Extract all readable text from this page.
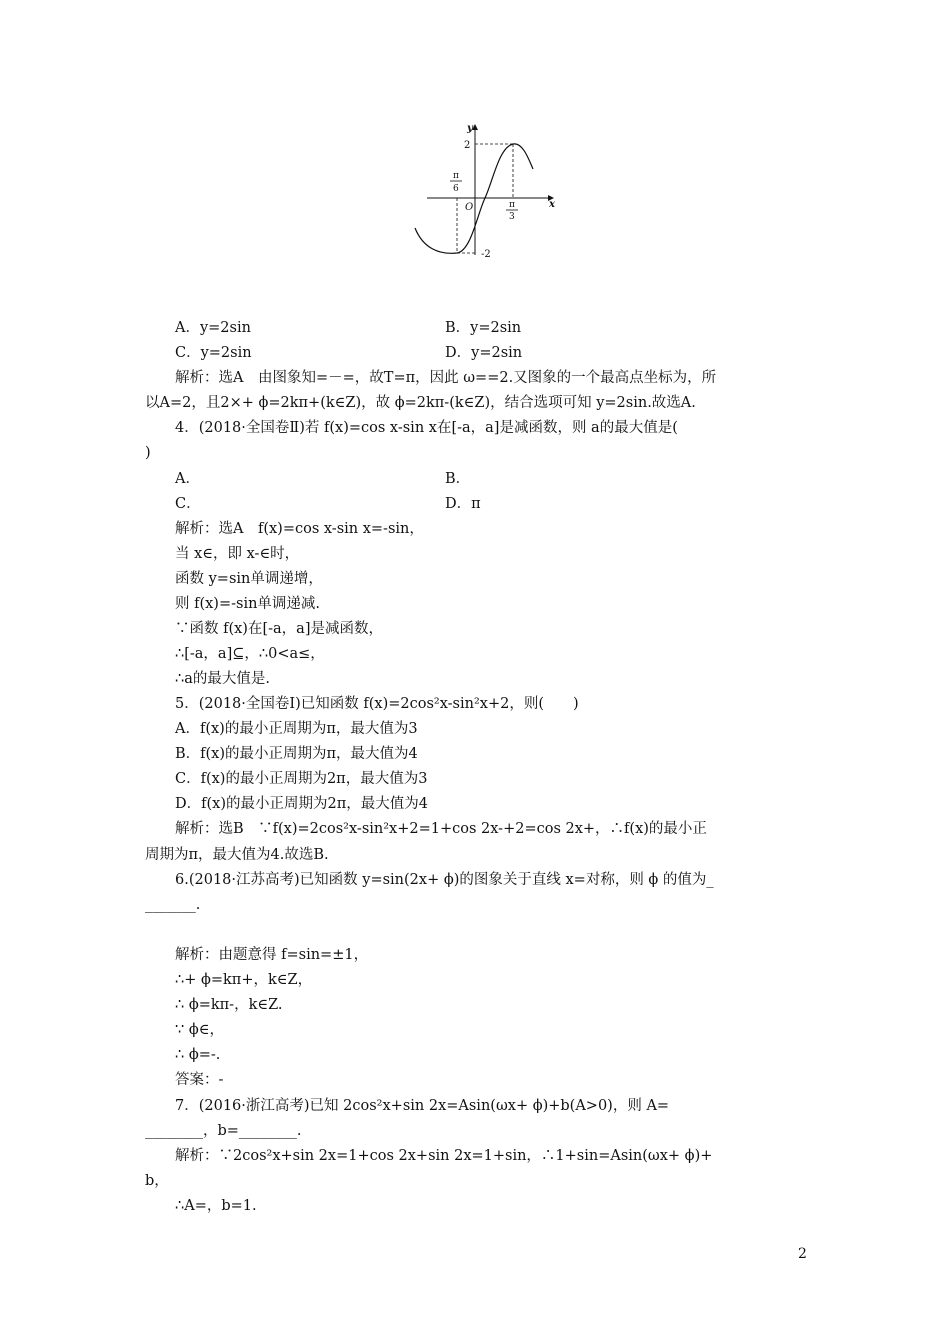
y
x
O
2
-2
π
6
π
3
A．y=2sin	B．y=2sin
C．y=2sin	D．y=2sin
解析：选A　由图象知=－=，故T=π，因此 ω==2.又图象的一个最高点坐标为，所
以A=2，且2×+ ϕ=2kπ+(k∈Z)，故 ϕ=2kπ-(k∈Z)，结合选项可知 y=2sin.故选A.
4．(2018·全国卷Ⅱ)若 f(x)=cos x-sin x在[-a，a]是减函数，则 a的最大值是(
)
A．	B．
C．	D．π
解析：选A　f(x)=cos x-sin x=-sin，
当 x∈，即 x-∈时，
函数 y=sin单调递增，
则 f(x)=-sin单调递减.
∵函数 f(x)在[-a，a]是减函数，
∴[-a，a]⊆，∴0<a≤，
∴a的最大值是.
5．(2018·全国卷Ⅰ)已知函数 f(x)=2cos²x-sin²x+2，则(　　)
A．f(x)的最小正周期为π，最大值为3
B．f(x)的最小正周期为π，最大值为4
C．f(x)的最小正周期为2π，最大值为3
D．f(x)的最小正周期为2π，最大值为4
解析：选B　∵f(x)=2cos²x-sin²x+2=1+cos 2x-+2=cos 2x+，∴f(x)的最小正
周期为π，最大值为4.故选B.
6.(2018·江苏高考)已知函数 y=sin(2x+ ϕ)的图象关于直线 x=对称，则 ϕ 的值为_
_______.
解析：由题意得 f=sin=±1，
∴+ ϕ=kπ+，k∈Z，
∴ ϕ=kπ-，k∈Z.
∵ ϕ∈，
∴ ϕ=-.
答案：-
7．(2016·浙江高考)已知 2cos²x+sin 2x=Asin(ωx+ ϕ)+b(A>0)，则 A=
________，b=________.
解析：∵2cos²x+sin 2x=1+cos 2x+sin 2x=1+sin，∴1+sin=Asin(ωx+ ϕ)+
b，
∴A=，b=1.
2
